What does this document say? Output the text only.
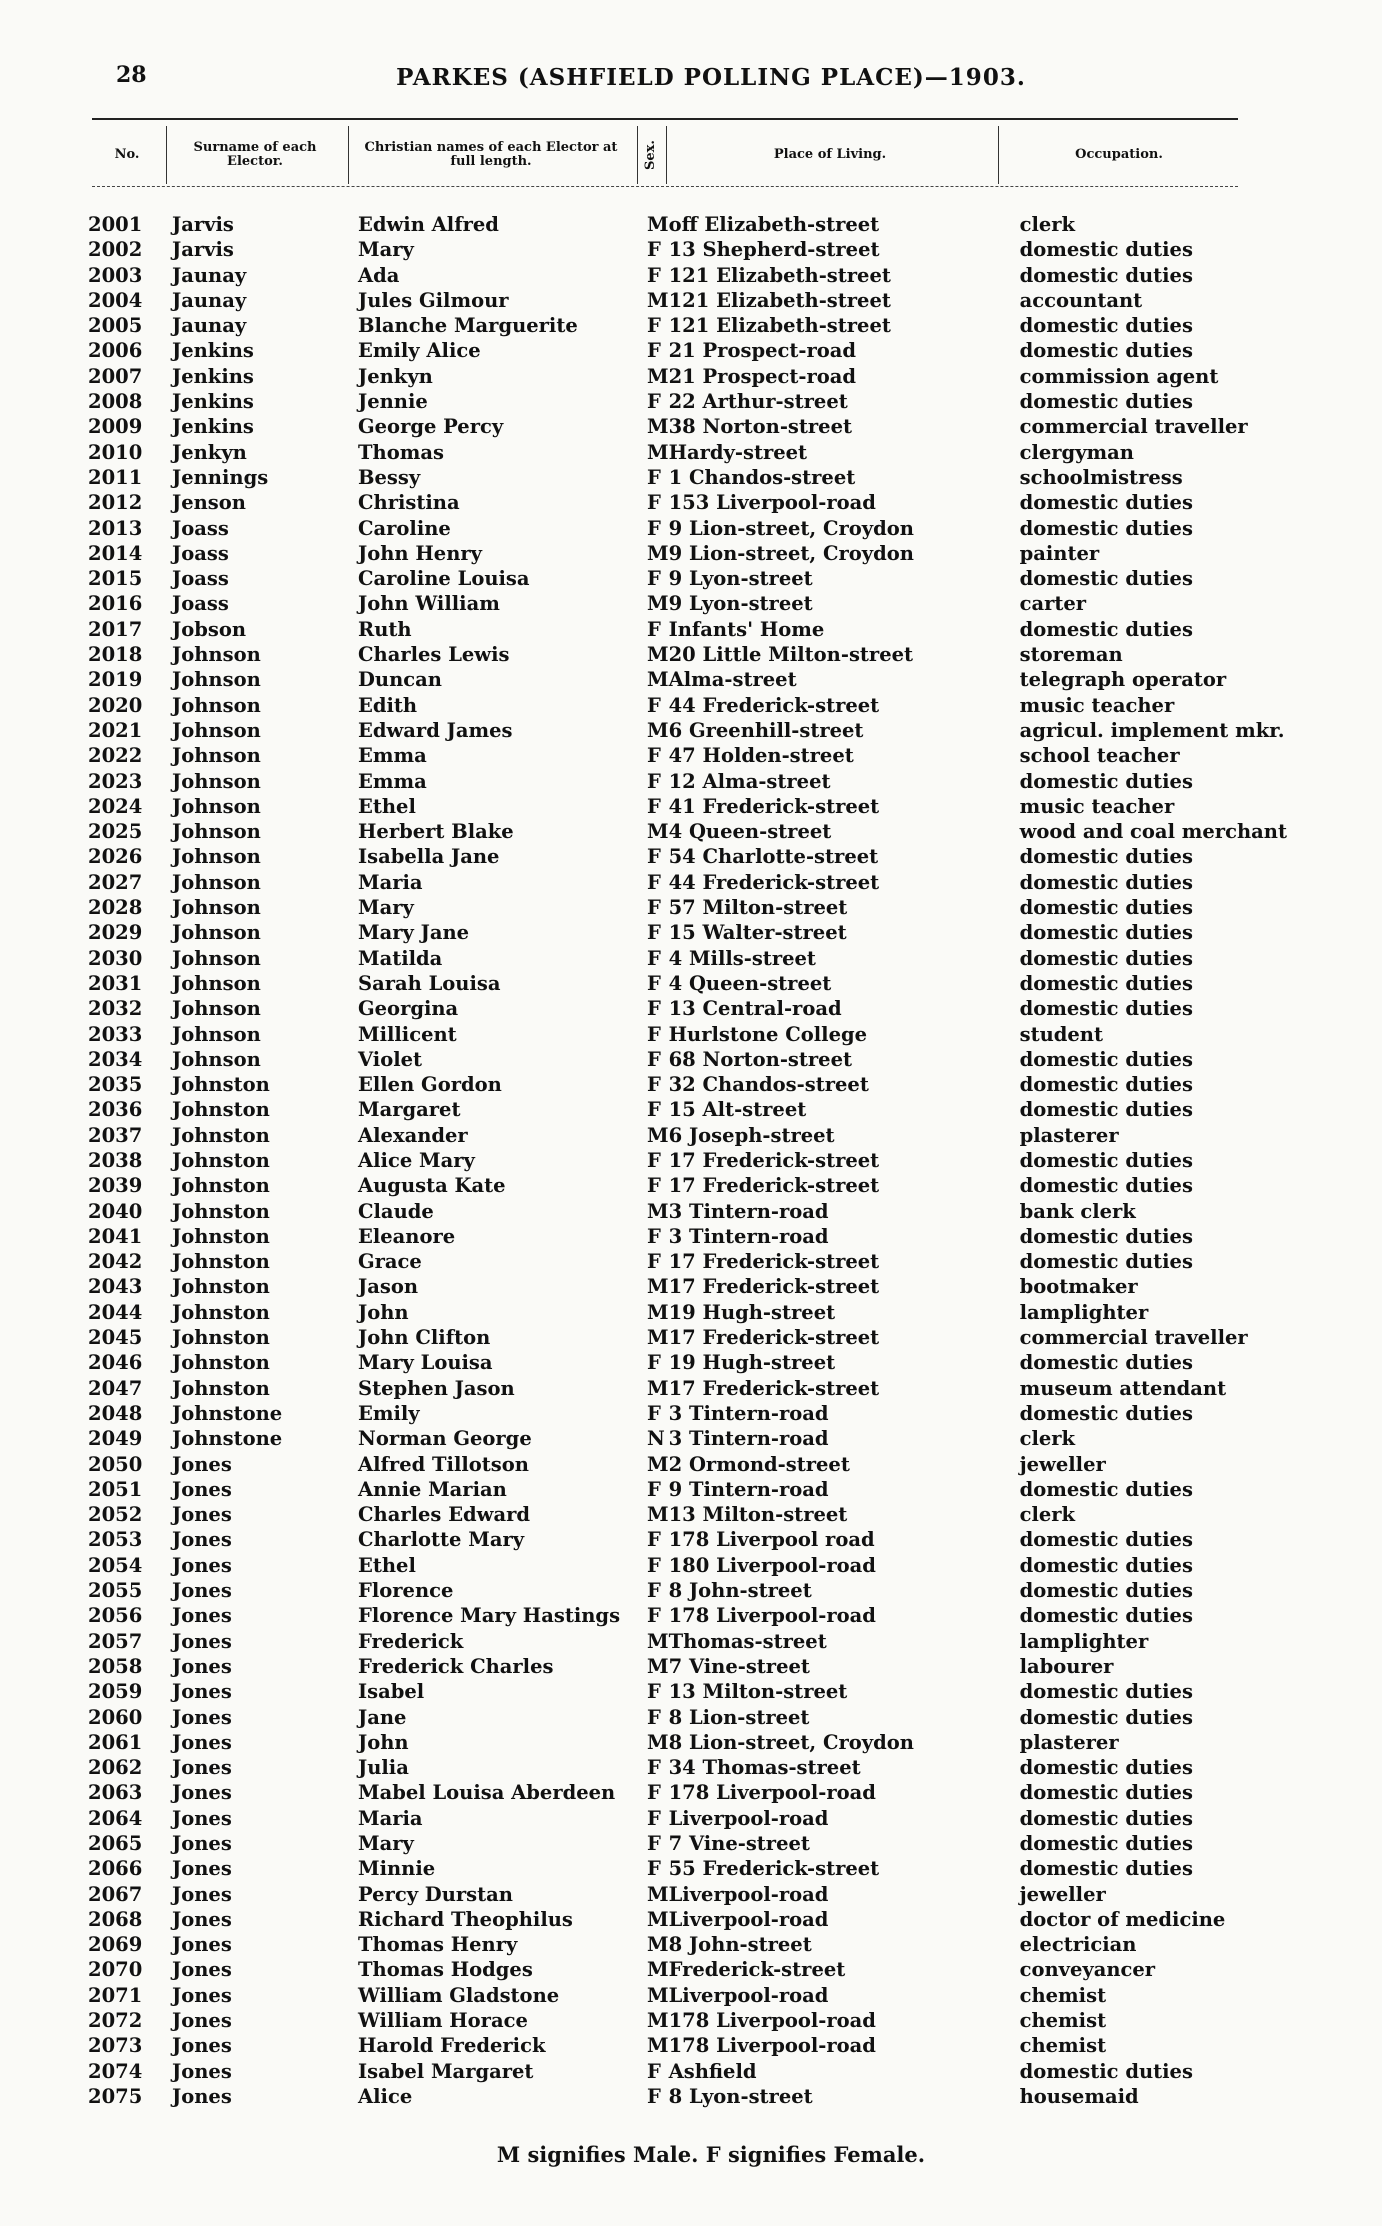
28	PARKES (ASHFIELD POLLING PLACE)—1903.
No.	Surname of each Elector.
Christian names of each Elector at full length.	Sex.	Place of Living.	Occupation.
2001	Jarvis	Edwin Alfred	M	off Elizabeth-street	clerk
2002	Jarvis	Mary	F	13 Shepherd-street	domestic duties
2003	Jaunay	Ada	F	121 Elizabeth-street	domestic duties
2004	Jaunay	Jules Gilmour	M	121 Elizabeth-street	accountant
2005	Jaunay	Blanche Marguerite	F	121 Elizabeth-street	domestic duties
2006	Jenkins	Emily Alice	F	21 Prospect-road	domestic duties
2007	Jenkins	Jenkyn	M	21 Prospect-road	commission agent
2008	Jenkins	Jennie	F	22 Arthur-street	domestic duties
2009	Jenkins	George Percy	M	38 Norton-street	commercial traveller
2010	Jenkyn	Thomas	M	Hardy-street	clergyman
2011	Jennings	Bessy	F	1 Chandos-street	schoolmistress
2012	Jenson	Christina	F	153 Liverpool-road	domestic duties
2013	Joass	Caroline	F	9 Lion-street, Croydon	domestic duties
2014	Joass	John Henry	M	9 Lion-street, Croydon	painter
2015	Joass	Caroline Louisa	F	9 Lyon-street	domestic duties
2016	Joass	John William	M	9 Lyon-street	carter
2017	Jobson	Ruth	F	Infants' Home	domestic duties
2018	Johnson	Charles Lewis	M	20 Little Milton-street	storeman
2019	Johnson	Duncan	M	Alma-street	telegraph operator
2020	Johnson	Edith	F	44 Frederick-street	music teacher
2021	Johnson	Edward James	M	6 Greenhill-street	agricul. implement mkr.
2022	Johnson	Emma	F	47 Holden-street	school teacher
2023	Johnson	Emma	F	12 Alma-street	domestic duties
2024	Johnson	Ethel	F	41 Frederick-street	music teacher
2025	Johnson	Herbert Blake	M	4 Queen-street	wood and coal merchant
2026	Johnson	Isabella Jane	F	54 Charlotte-street	domestic duties
2027	Johnson	Maria	F	44 Frederick-street	domestic duties
2028	Johnson	Mary	F	57 Milton-street	domestic duties
2029	Johnson	Mary Jane	F	15 Walter-street	domestic duties
2030	Johnson	Matilda	F	4 Mills-street	domestic duties
2031	Johnson	Sarah Louisa	F	4 Queen-street	domestic duties
2032	Johnson	Georgina	F	13 Central-road	domestic duties
2033	Johnson	Millicent	F	Hurlstone College	student
2034	Johnson	Violet	F	68 Norton-street	domestic duties
2035	Johnston	Ellen Gordon	F	32 Chandos-street	domestic duties
2036	Johnston	Margaret	F	15 Alt-street	domestic duties
2037	Johnston	Alexander	M	6 Joseph-street	plasterer
2038	Johnston	Alice Mary	F	17 Frederick-street	domestic duties
2039	Johnston	Augusta Kate	F	17 Frederick-street	domestic duties
2040	Johnston	Claude	M	3 Tintern-road	bank clerk
2041	Johnston	Eleanore	F	3 Tintern-road	domestic duties
2042	Johnston	Grace	F	17 Frederick-street	domestic duties
2043	Johnston	Jason	M	17 Frederick-street	bootmaker
2044	Johnston	John	M	19 Hugh-street	lamplighter
2045	Johnston	John Clifton	M	17 Frederick-street	commercial traveller
2046	Johnston	Mary Louisa	F	19 Hugh-street	domestic duties
2047	Johnston	Stephen Jason	M	17 Frederick-street	museum attendant
2048	Johnstone	Emily	F	3 Tintern-road	domestic duties
2049	Johnstone	Norman George	N	3 Tintern-road	clerk
2050	Jones	Alfred Tillotson	M	2 Ormond-street	jeweller
2051	Jones	Annie Marian	F	9 Tintern-road	domestic duties
2052	Jones	Charles Edward	M	13 Milton-street	clerk
2053	Jones	Charlotte Mary	F	178 Liverpool road	domestic duties
2054	Jones	Ethel	F	180 Liverpool-road	domestic duties
2055	Jones	Florence	F	8 John-street	domestic duties
2056	Jones	Florence Mary Hastings	F	178 Liverpool-road	domestic duties
2057	Jones	Frederick	M	Thomas-street	lamplighter
2058	Jones	Frederick Charles	M	7 Vine-street	labourer
2059	Jones	Isabel	F	13 Milton-street	domestic duties
2060	Jones	Jane	F	8 Lion-street	domestic duties
2061	Jones	John	M	8 Lion-street, Croydon	plasterer
2062	Jones	Julia	F	34 Thomas-street	domestic duties
2063	Jones	Mabel Louisa Aberdeen	F	178 Liverpool-road	domestic duties
2064	Jones	Maria	F	Liverpool-road	domestic duties
2065	Jones	Mary	F	7 Vine-street	domestic duties
2066	Jones	Minnie	F	55 Frederick-street	domestic duties
2067	Jones	Percy Durstan	M	Liverpool-road	jeweller
2068	Jones	Richard Theophilus	M	Liverpool-road	doctor of medicine
2069	Jones	Thomas Henry	M	8 John-street	electrician
2070	Jones	Thomas Hodges	M	Frederick-street	conveyancer
2071	Jones	William Gladstone	M	Liverpool-road	chemist
2072	Jones	William Horace	M	178 Liverpool-road	chemist
2073	Jones	Harold Frederick	M	178 Liverpool-road	chemist
2074	Jones	Isabel Margaret	F	Ashfield	domestic duties
2075	Jones	Alice	F	8 Lyon-street	housemaid
M signifies Male. F signifies Female.
